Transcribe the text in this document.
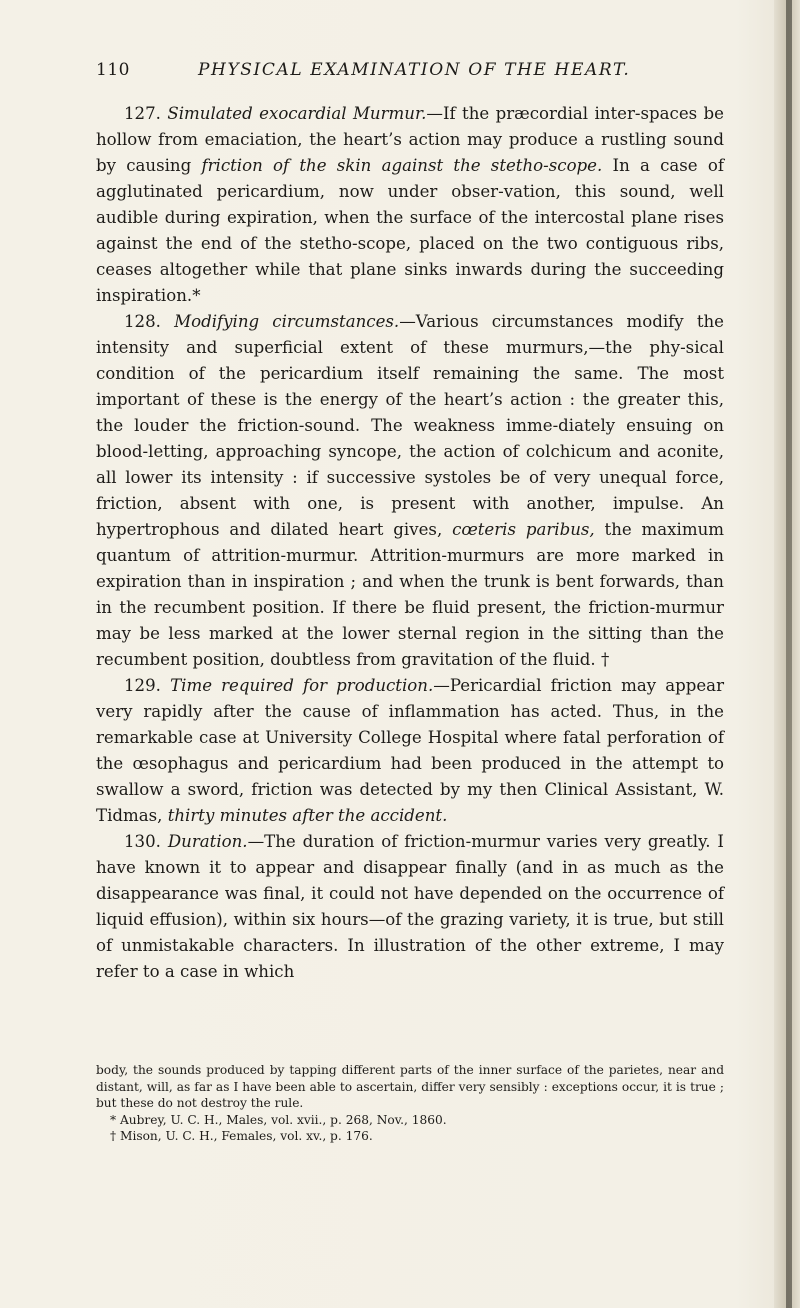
110	PHYSICAL EXAMINATION OF THE HEART.

127. Simulated exocardial Murmur.—If the præcordial inter-spaces be hollow from emaciation, the heart’s action may produce a rustling sound by causing friction of the skin against the stetho-scope. In a case of agglutinated pericardium, now under obser-vation, this sound, well audible during expiration, when the surface of the intercostal plane rises against the end of the stetho-scope, placed on the two contiguous ribs, ceases altogether while that plane sinks inwards during the succeeding inspiration.*

128. Modifying circumstances.—Various circumstances modify the intensity and superficial extent of these murmurs,—the phy-sical condition of the pericardium itself remaining the same. The most important of these is the energy of the heart’s action : the greater this, the louder the friction-sound. The weakness imme-diately ensuing on blood-letting, approaching syncope, the action of colchicum and aconite, all lower its intensity : if successive systoles be of very unequal force, friction, absent with one, is present with another, impulse. An hypertrophous and dilated heart gives, cœteris paribus, the maximum quantum of attrition-murmur. Attrition-murmurs are more marked in expiration than in inspiration ; and when the trunk is bent forwards, than in the recumbent position. If there be fluid present, the friction-murmur may be less marked at the lower sternal region in the sitting than the recumbent position, doubtless from gravitation of the fluid. †

129. Time required for production.—Pericardial friction may appear very rapidly after the cause of inflammation has acted. Thus, in the remarkable case at University College Hospital where fatal perforation of the œsophagus and pericardium had been produced in the attempt to swallow a sword, friction was detected by my then Clinical Assistant, W. Tidmas, thirty minutes after the accident.

130. Duration.—The duration of friction-murmur varies very greatly. I have known it to appear and disappear finally (and in as much as the disappearance was final, it could not have depended on the occurrence of liquid effusion), within six hours—of the grazing variety, it is true, but still of unmistakable characters. In illustration of the other extreme, I may refer to a case in which

body, the sounds produced by tapping different parts of the inner surface of the parietes, near and distant, will, as far as I have been able to ascertain, differ very sensibly : exceptions occur, it is true ; but these do not destroy the rule.

* Aubrey, U. C. H., Males, vol. xvii., p. 268, Nov., 1860.

† Mison, U. C. H., Females, vol. xv., p. 176.
